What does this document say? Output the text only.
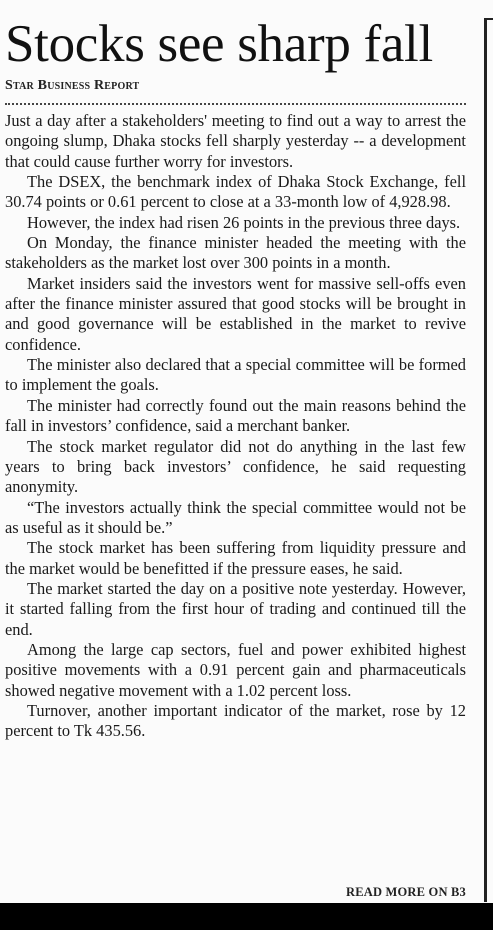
Stocks see sharp fall
Star Business Report

Just a day after a stakeholders' meeting to find out a way to arrest the ongoing slump, Dhaka stocks fell sharply yesterday -- a development that could cause further worry for investors.

The DSEX, the benchmark index of Dhaka Stock Exchange, fell 30.74 points or 0.61 percent to close at a 33-month low of 4,928.98.

However, the index had risen 26 points in the previous three days.

On Monday, the finance minister headed the meeting with the stakeholders as the market lost over 300 points in a month.

Market insiders said the investors went for massive sell-offs even after the finance minister assured that good stocks will be brought in and good governance will be established in the market to revive confidence.

The minister also declared that a special committee will be formed to implement the goals.

The minister had correctly found out the main reasons behind the fall in investors’ confidence, said a merchant banker.

The stock market regulator did not do anything in the last few years to bring back investors’ confidence, he said requesting anonymity.

“The investors actually think the special committee would not be as useful as it should be.”

The stock market has been suffering from liquidity pressure and the market would be benefitted if the pressure eases, he said.

The market started the day on a positive note yesterday. However, it started falling from the first hour of trading and continued till the end.

Among the large cap sectors, fuel and power exhibited highest positive movements with a 0.91 percent gain and pharmaceuticals showed negative movement with a 1.02 percent loss.

Turnover, another important indicator of the market, rose by 12 percent to Tk 435.56.

READ MORE ON B3
